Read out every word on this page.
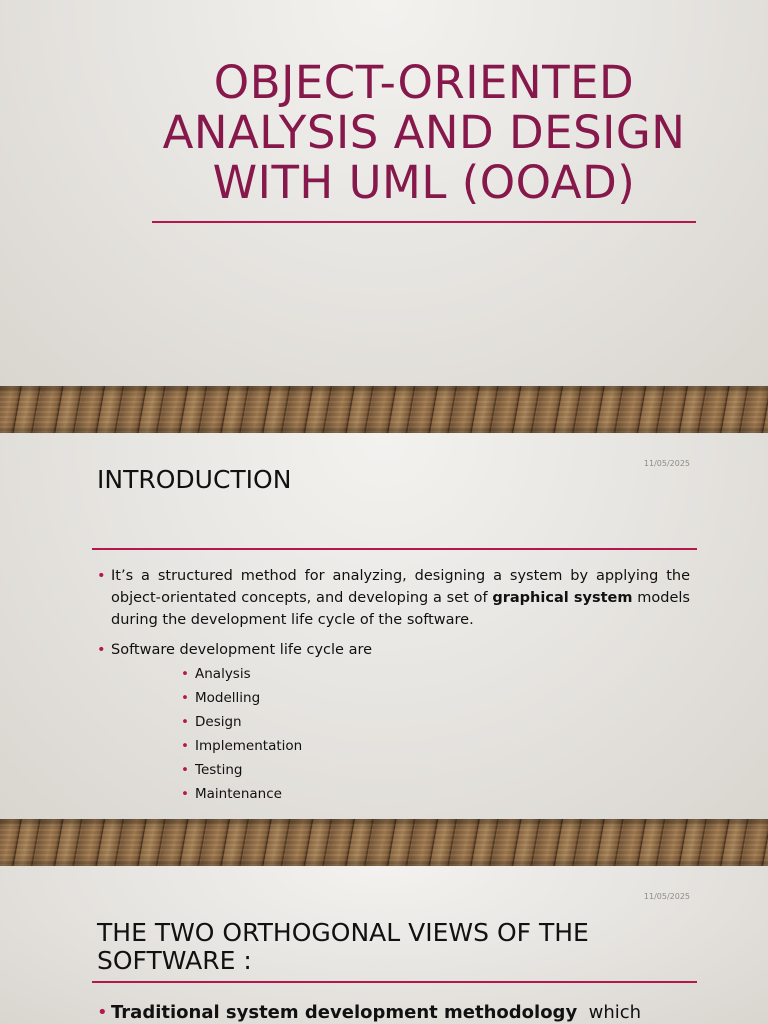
OBJECT-ORIENTED ANALYSIS AND DESIGN WITH UML (OOAD)
11/05/2025
INTRODUCTION
• It’s a structured method for analyzing, designing a system by applying the object-orientated concepts, and developing a set of graphical system models during the development life cycle of the software.
• Software development life cycle are
• Analysis
• Modelling
• Design
• Implementation
• Testing
• Maintenance
11/05/2025
THE TWO ORTHOGONAL VIEWS OF THE SOFTWARE :
• Traditional system development methodology  which
